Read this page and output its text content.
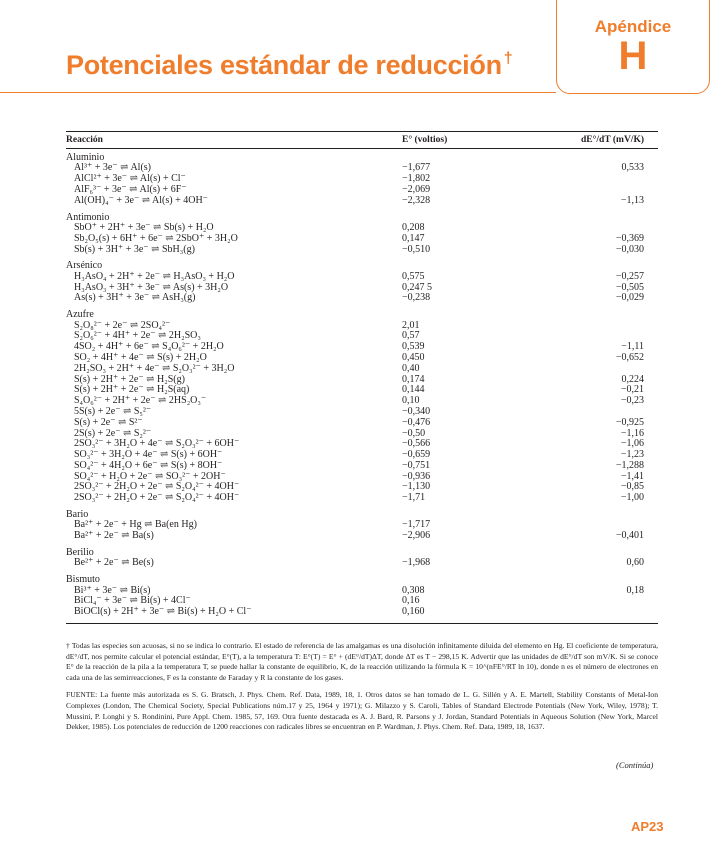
Apéndice
H
Potenciales estándar de reducción †
Reacción	E° (voltios)	dE°/dT (mV/K)
Aluminio
Al³⁺ + 3e⁻ ⇌ Al(s)	−1,677	0,533
AlCl²⁺ + 3e⁻ ⇌ Al(s) + Cl⁻	−1,802
AlF₆³⁻ + 3e⁻ ⇌ Al(s) + 6F⁻	−2,069
Al(OH)₄⁻ + 3e⁻ ⇌ Al(s) + 4OH⁻	−2,328	−1,13
Antimonio
SbO⁺ + 2H⁺ + 3e⁻ ⇌ Sb(s) + H₂O	0,208
Sb₂O₅(s) + 6H⁺ + 6e⁻ ⇌ 2SbO⁺ + 3H₂O	0,147	−0,369
Sb(s) + 3H⁺ + 3e⁻ ⇌ SbH₃(g)	−0,510	−0,030
Arsénico
H₃AsO₄ + 2H⁺ + 2e⁻ ⇌ H₃AsO₃ + H₂O	0,575	−0,257
H₃AsO₃ + 3H⁺ + 3e⁻ ⇌ As(s) + 3H₂O	0,247 5	−0,505
As(s) + 3H⁺ + 3e⁻ ⇌ AsH₃(g)	−0,238	−0,029
Azufre
S₂O₈²⁻ + 2e⁻ ⇌ 2SO₄²⁻	2,01
S₂O₆²⁻ + 4H⁺ + 2e⁻ ⇌ 2H₂SO₃	0,57
4SO₂ + 4H⁺ + 6e⁻ ⇌ S₄O₆²⁻ + 2H₂O	0,539	−1,11
SO₂ + 4H⁺ + 4e⁻ ⇌ S(s) + 2H₂O	0,450	−0,652
2H₂SO₃ + 2H⁺ + 4e⁻ ⇌ S₂O₃²⁻ + 3H₂O	0,40
S(s) + 2H⁺ + 2e⁻ ⇌ H₂S(g)	0,174	0,224
S(s) + 2H⁺ + 2e⁻ ⇌ H₂S(aq)	0,144	−0,21
S₄O₆²⁻ + 2H⁺ + 2e⁻ ⇌ 2HS₂O₃⁻	0,10	−0,23
5S(s) + 2e⁻ ⇌ S₅²⁻	−0,340
S(s) + 2e⁻ ⇌ S²⁻	−0,476	−0,925
2S(s) + 2e⁻ ⇌ S₂²⁻	−0,50	−1,16
2SO₃²⁻ + 3H₂O + 4e⁻ ⇌ S₂O₃²⁻ + 6OH⁻	−0,566	−1,06
SO₃²⁻ + 3H₂O + 4e⁻ ⇌ S(s) + 6OH⁻	−0,659	−1,23
SO₄²⁻ + 4H₂O + 6e⁻ ⇌ S(s) + 8OH⁻	−0,751	−1,288
SO₄²⁻ + H₂O + 2e⁻ ⇌ SO₃²⁻ + 2OH⁻	−0,936	−1,41
2SO₃²⁻ + 2H₂O + 2e⁻ ⇌ S₂O₄²⁻ + 4OH⁻	−1,130	−0,85
2SO₃²⁻ + 2H₂O + 2e⁻ ⇌ S₂O₄²⁻ + 4OH⁻	−1,71	−1,00
Bario
Ba²⁺ + 2e⁻ + Hg ⇌ Ba(en Hg)	−1,717
Ba²⁺ + 2e⁻ ⇌ Ba(s)	−2,906	−0,401
Berilio
Be²⁺ + 2e⁻ ⇌ Be(s)	−1,968	0,60
Bismuto
Bi³⁺ + 3e⁻ ⇌ Bi(s)	0,308	0,18
BiCl₄⁻ + 3e⁻ ⇌ Bi(s) + 4Cl⁻	0,16
BiOCl(s) + 2H⁺ + 3e⁻ ⇌ Bi(s) + H₂O + Cl⁻	0,160

† Todas las especies son acuosas, si no se indica lo contrario. El estado de referencia de las amalgamas es una disolución infinitamente diluida del elemento en Hg. El coeficiente de temperatura, dE°/dT, nos permite calcular el potencial estándar, E°(T), a la temperatura T: E°(T) = E° + (dE°/dT)ΔT, donde ΔT es T − 298,15 K. Advertir que las unidades de dE°/dT son mV/K. Si se conoce E° de la reacción de la pila a la temperatura T, se puede hallar la constante de equilibrio, K, de la reacción utilizando la fórmula K = 10^(nFE°/RT ln 10), donde n es el número de electrones en cada una de las semirreacciones, F es la constante de Faraday y R la constante de los gases.

FUENTE: La fuente más autorizada es S. G. Bratsch, J. Phys. Chem. Ref. Data, 1989, 18, 1. Otros datos se han tomado de L. G. Sillén y A. E. Martell, Stability Constants of Metal-Ion Complexes (London, The Chemical Society, Special Publications núm.17 y 25, 1964 y 1971); G. Milazzo y S. Caroli, Tables of Standard Electrode Potentials (New York, Wiley, 1978); T. Mussini, P. Longhi y S. Rondinini, Pure Appl. Chem. 1985, 57, 169. Otra fuente destacada es A. J. Bard, R. Parsons y J. Jordan, Standard Potentials in Aqueous Solution (New York, Marcel Dekker, 1985). Los potenciales de reducción de 1200 reacciones con radicales libres se encuentran en P. Wardman, J. Phys. Chem. Ref. Data, 1989, 18, 1637.

(Continúa)
AP23
